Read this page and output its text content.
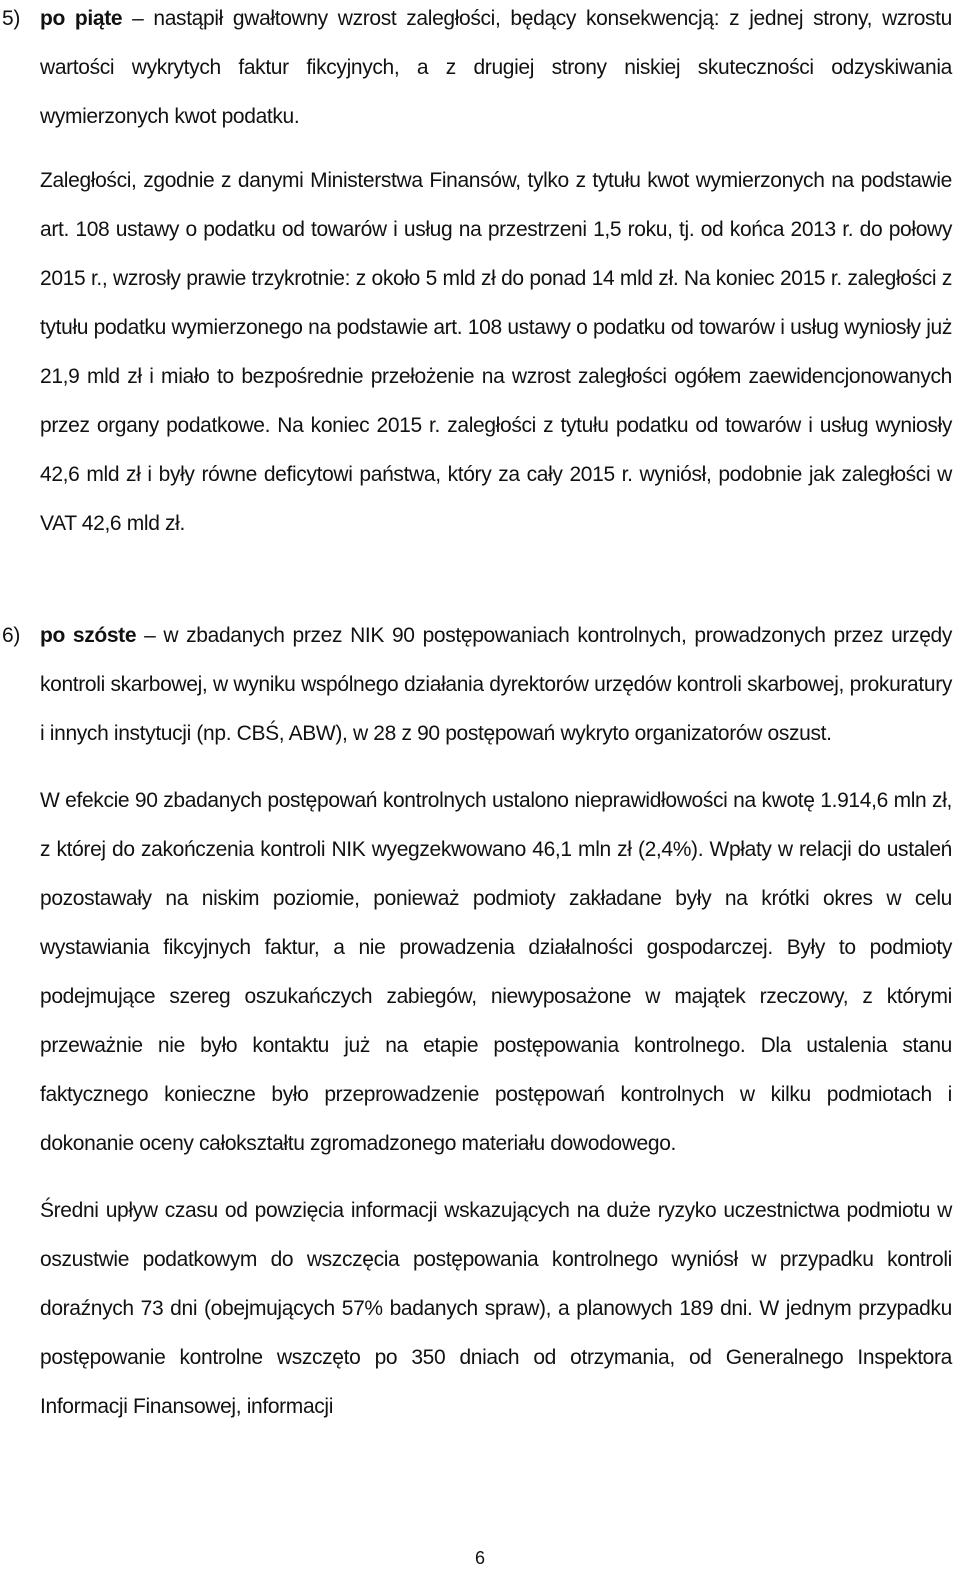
5) po piąte – nastąpił gwałtowny wzrost zaległości, będący konsekwencją: z jednej strony, wzrostu wartości wykrytych faktur fikcyjnych, a z drugiej strony niskiej skuteczności odzyskiwania wymierzonych kwot podatku.

Zaległości, zgodnie z danymi Ministerstwa Finansów, tylko z tytułu kwot wymierzonych na podstawie art. 108 ustawy o podatku od towarów i usług na przestrzeni 1,5 roku, tj. od końca 2013 r. do połowy 2015 r., wzrosły prawie trzykrotnie: z około 5 mld zł do ponad 14 mld zł. Na koniec 2015 r. zaległości z tytułu podatku wymierzonego na podstawie art. 108 ustawy o podatku od towarów i usług wyniosły już 21,9 mld zł i miało to bezpośrednie przełożenie na wzrost zaległości ogółem zaewidencjonowanych przez organy podatkowe. Na koniec 2015 r. zaległości z tytułu podatku od towarów i usług wyniosły 42,6 mld zł i były równe deficytowi państwa, który za cały 2015 r. wyniósł, podobnie jak zaległości w VAT 42,6 mld zł.

6) po szóste – w zbadanych przez NIK 90 postępowaniach kontrolnych, prowadzonych przez urzędy kontroli skarbowej, w wyniku wspólnego działania dyrektorów urzędów kontroli skarbowej, prokuratury i innych instytucji (np. CBŚ, ABW), w 28 z 90 postępowań wykryto organizatorów oszust.

W efekcie 90 zbadanych postępowań kontrolnych ustalono nieprawidłowości na kwotę 1.914,6 mln zł, z której do zakończenia kontroli NIK wyegzekwowano 46,1 mln zł (2,4%). Wpłaty w relacji do ustaleń pozostawały na niskim poziomie, ponieważ podmioty zakładane były na krótki okres w celu wystawiania fikcyjnych faktur, a nie prowadzenia działalności gospodarczej. Były to podmioty podejmujące szereg oszukańczych zabiegów, niewyposażone w majątek rzeczowy, z którymi przeważnie nie było kontaktu już na etapie postępowania kontrolnego. Dla ustalenia stanu faktycznego konieczne było przeprowadzenie postępowań kontrolnych w kilku podmiotach i dokonanie oceny całokształtu zgromadzonego materiału dowodowego.

Średni upływ czasu od powzięcia informacji wskazujących na duże ryzyko uczestnictwa podmiotu w oszustwie podatkowym do wszczęcia postępowania kontrolnego wyniósł w przypadku kontroli doraźnych 73 dni (obejmujących 57% badanych spraw), a planowych 189 dni. W jednym przypadku postępowanie kontrolne wszczęto po 350 dniach od otrzymania, od Generalnego Inspektora Informacji Finansowej, informacji

6
